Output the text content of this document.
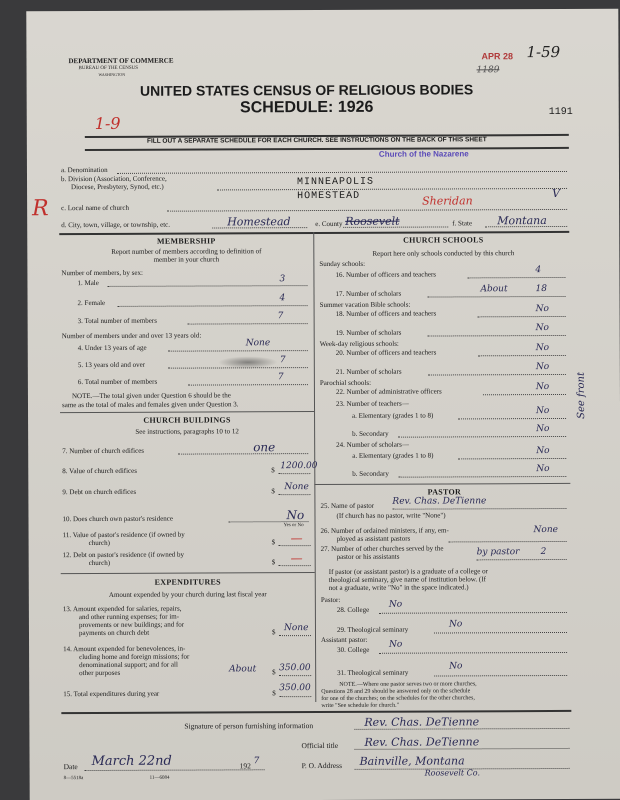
DEPARTMENT OF COMMERCE
BUREAU OF THE CENSUS
WASHINGTON
APR 28 1-59
1189
UNITED STATES CENSUS OF RELIGIOUS BODIES
SCHEDULE: 1926	1191
1-9
FILL OUT A SEPARATE SCHEDULE FOR EACH CHURCH. SEE INSTRUCTIONS ON THE BACK OF THIS SHEET
Church of the Nazarene
a. Denomination
b. Division (Association, Conference,
Diocese, Presbytery, Synod, etc.)	MINNEAPOLIS
HOMESTEAD
R c. Local name of church
Sheridan
V
d. City, town, village, or township, etc.	Homestead	e. County Roosevelt	f. State Montana
MEMBERSHIP
Report number of members according to definition of
member in your church
Number of members, by sex:
1. Male	3
2. Female	4
3. Total number of members	7
Number of members under and over 13 years old:
4. Under 13 years of age	None
5. 13 years old and over	7
6. Total number of members	7
NOTE.—The total given under Question 6 should be the
same as the total of males and females given under Question 3.
CHURCH BUILDINGS
See instructions, paragraphs 10 to 12
7. Number of church edifices	one
8. Value of church edifices	$ 1200.00
9. Debt on church edifices	$ None
10. Does church own pastor's residence	No
Yes or No
11. Value of pastor's residence (if owned by
church)	$ —
12. Debt on pastor's residence (if owned by
church)	$ —
EXPENDITURES
Amount expended by your church during last fiscal year
13. Amount expended for salaries, repairs,
and other running expenses; for im-
provements or new buildings; and for
payments on church debt	$ None
14. Amount expended for benevolences, in-
cluding home and foreign missions; for
denominational support; and for all
other purposes	About $ 350.00
15. Total expenditures during year	$
350.00
CHURCH SCHOOLS
Report here only schools conducted by this church
Sunday schools:
16. Number of officers and teachers	4
17. Number of scholars	About	18
Summer vacation Bible schools:
18. Number of officers and teachers	No
19. Number of scholars	No
Week-day religious schools:
20. Number of officers and teachers	No
21. Number of scholars	No
Parochial schools:
22. Number of administrative officers	No
23. Number of teachers—
a. Elementary (grades 1 to 8)	No
b. Secondary	No
24. Number of scholars—
a. Elementary (grades 1 to 8)	No
b. Secondary	No
See front
PASTOR
25. Name of pastor Rev. Chas. DeTienne
(If church has no pastor, write "None")
26. Number of ordained ministers, if any, em-
ployed as assistant pastors
None
27. Number of other churches served by the
pastor or his assistants	by pastor 2
If pastor (or assistant pastor) is a graduate of a college or
theological seminary, give name of institution below. (If
not a graduate, write "No" in the space indicated.)
Pastor:
28. College
No
29. Theological seminary
No
Assistant pastor:
30. College
No
31. Theological seminary
No
NOTE.—Where one pastor serves two or more churches,
Questions 28 and 29 should be answered only on the schedule
for one of the churches; on the schedules for the other churches,
write "See schedule for church."
Signature of person furnishing information	Rev. Chas. DeTienne
Official title Rev. Chas. DeTienne
Date March 22nd	192 7	P. O. Address Bainville, Montana
Roosevelt Co.
8—5518a	11—6084
